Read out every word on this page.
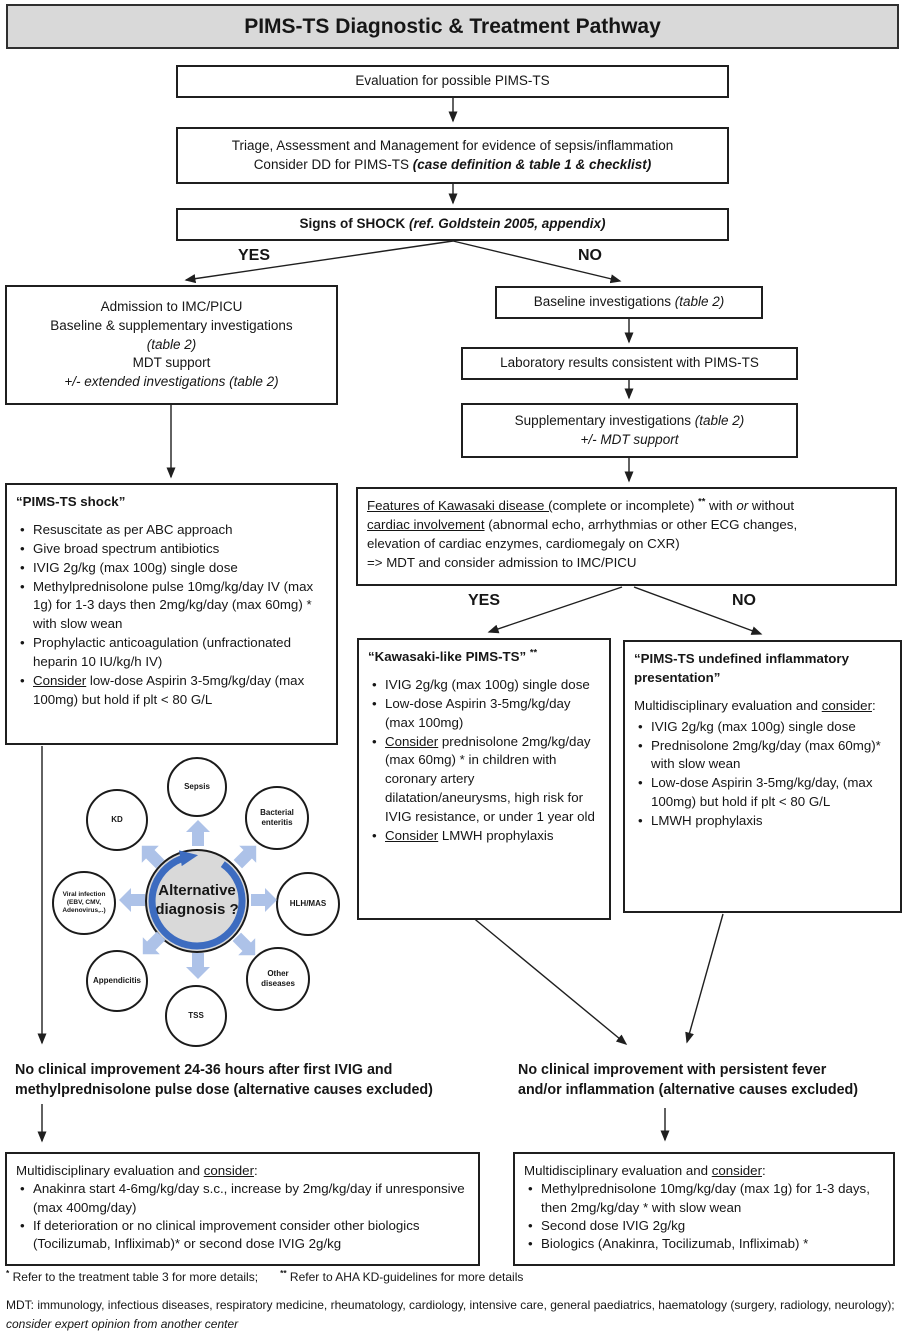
PIMS-TS Diagnostic & Treatment Pathway
Evaluation for possible PIMS-TS
Triage, Assessment and Management for evidence of sepsis/inflammation
Consider DD for PIMS-TS (case definition & table 1 & checklist)
Signs of SHOCK (ref. Goldstein 2005, appendix)
YES	NO
Admission to IMC/PICU
Baseline & supplementary investigations
(table 2)
MDT support
+/- extended investigations (table 2)
Baseline investigations (table 2)
Laboratory results consistent with PIMS-TS
Supplementary investigations (table 2)
+/- MDT support
“PIMS-TS shock”
• Resuscitate as per ABC approach
• Give broad spectrum antibiotics
• IVIG 2g/kg (max 100g) single dose
• Methylprednisolone pulse 10mg/kg/day IV (max 1g) for 1-3 days then 2mg/kg/day (max 60mg) * with slow wean
• Prophylactic anticoagulation (unfractionated heparin 10 IU/kg/h IV)
• Consider low-dose Aspirin 3-5mg/kg/day (max 100mg) but hold if plt < 80 G/L
Features of Kawasaki disease (complete or incomplete) ** with or without
cardiac involvement (abnormal echo, arrhythmias or other ECG changes,
elevation of cardiac enzymes, cardiomegaly on CXR)
=> MDT and consider admission to IMC/PICU
YES	NO
“Kawasaki-like PIMS-TS” **
• IVIG 2g/kg (max 100g) single dose
• Low-dose Aspirin 3-5mg/kg/day (max 100mg)
• Consider prednisolone 2mg/kg/day (max 60mg) * in children with coronary artery dilatation/aneurysms, high risk for IVIG resistance, or under 1 year old
• Consider LMWH prophylaxis
“PIMS-TS undefined inflammatory presentation”
Multidisciplinary evaluation and consider:
• IVIG 2g/kg (max 100g) single dose
• Prednisolone 2mg/kg/day (max 60mg)* with slow wean
• Low-dose Aspirin 3-5mg/kg/day, (max 100mg) but hold if plt < 80 G/L
• LMWH prophylaxis
Sepsis
Bacterial enteritis
KD
Viral infection (EBV, CMV, Adenovirus,..)
HLH/MAS
Appendicitis
Other diseases
TSS
Alternative
diagnosis ?
No clinical improvement 24-36 hours after first IVIG and
methylprednisolone pulse dose (alternative causes excluded)
No clinical improvement with persistent fever
and/or inflammation (alternative causes excluded)
Multidisciplinary evaluation and consider:
• Anakinra start 4-6mg/kg/day s.c., increase by 2mg/kg/day if unresponsive (max 400mg/day)
• If deterioration or no clinical improvement consider other biologics (Tocilizumab, Infliximab)* or second dose IVIG 2g/kg
Multidisciplinary evaluation and consider:
• Methylprednisolone 10mg/kg/day (max 1g) for 1-3 days, then 2mg/kg/day * with slow wean
• Second dose IVIG 2g/kg
• Biologics (Anakinra, Tocilizumab, Infliximab) *
* Refer to the treatment table 3 for more details;	** Refer to AHA KD-guidelines for more details
MDT: immunology, infectious diseases, respiratory medicine, rheumatology, cardiology, intensive care, general paediatrics, haematology (surgery, radiology, neurology); consider expert opinion from another center
